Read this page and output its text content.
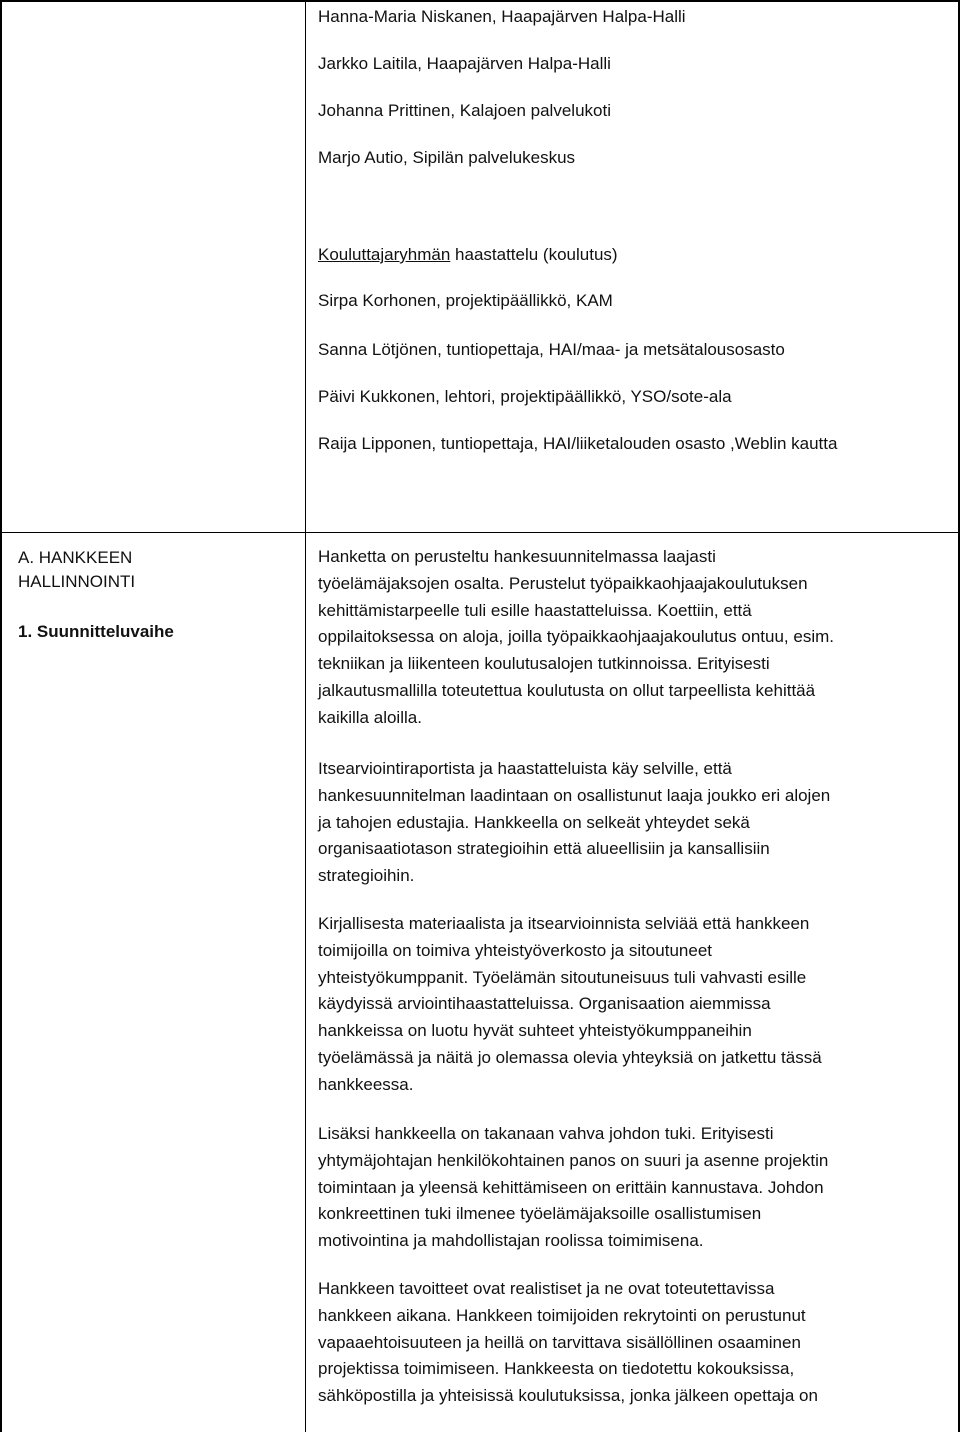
Hanna-Maria Niskanen, Haapajärven Halpa-Halli
Jarkko Laitila, Haapajärven Halpa-Halli
Johanna Prittinen, Kalajoen palvelukoti
Marjo Autio, Sipilän palvelukeskus
Kouluttajaryhmän haastattelu (koulutus)
Sirpa Korhonen, projektipäällikkö, KAM
Sanna Lötjönen, tuntiopettaja, HAI/maa- ja metsätalousosasto
Päivi Kukkonen, lehtori, projektipäällikkö, YSO/sote-ala
Raija Lipponen, tuntiopettaja, HAI/liiketalouden osasto ,Weblin kautta
A. HANKKEEN
HALLINNOINTI
1. Suunnitteluvaihe
Hanketta on perusteltu hankesuunnitelmassa laajasti
työelämäjaksojen osalta. Perustelut työpaikkaohjaajakoulutuksen
kehittämistarpeelle tuli esille haastatteluissa. Koettiin, että
oppilaitoksessa on aloja, joilla työpaikkaohjaajakoulutus ontuu, esim.
tekniikan ja liikenteen koulutusalojen tutkinnoissa. Erityisesti
jalkautusmallilla toteutettua koulutusta on ollut tarpeellista kehittää
kaikilla aloilla.
Itsearviointiraportista ja haastatteluista käy selville, että
hankesuunnitelman laadintaan on osallistunut laaja joukko eri alojen
ja tahojen edustajia. Hankkeella on selkeät yhteydet sekä
organisaatiotason strategioihin että alueellisiin ja kansallisiin
strategioihin.
Kirjallisesta materiaalista ja itsearvioinnista selviää että hankkeen
toimijoilla on toimiva yhteistyöverkosto ja sitoutuneet
yhteistyökumppanit. Työelämän sitoutuneisuus tuli vahvasti esille
käydyissä arviointihaastatteluissa. Organisaation aiemmissa
hankkeissa on luotu hyvät suhteet yhteistyökumppaneihin
työelämässä ja näitä jo olemassa olevia yhteyksiä on jatkettu tässä
hankkeessa.
Lisäksi hankkeella on takanaan vahva johdon tuki. Erityisesti
yhtymäjohtajan henkilökohtainen panos on suuri ja asenne projektin
toimintaan ja yleensä kehittämiseen on erittäin kannustava. Johdon
konkreettinen tuki ilmenee työelämäjaksoille osallistumisen
motivointina ja mahdollistajan roolissa toimimisena.
Hankkeen tavoitteet ovat realistiset ja ne ovat toteutettavissa
hankkeen aikana. Hankkeen toimijoiden rekrytointi on perustunut
vapaaehtoisuuteen ja heillä on tarvittava sisällöllinen osaaminen
projektissa toimimiseen. Hankkeesta on tiedotettu kokouksissa,
sähköpostilla ja yhteisissä koulutuksissa, jonka jälkeen opettaja on
